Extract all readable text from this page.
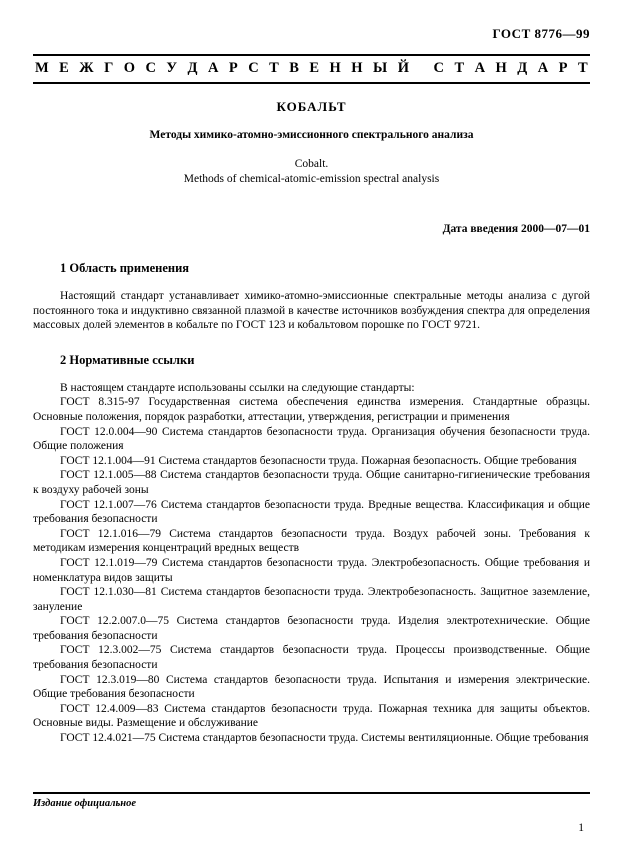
ГОСТ 8776—99
М Е Ж Г О С У Д А Р С Т В Е Н Н Ы Й
С Т А Н Д А Р Т
КОБАЛЬТ
Методы химико-атомно-эмиссионного спектрального анализа
Cobalt.
Methods of chemical-atomic-emission spectral analysis
Дата введения 2000—07—01
1 Область применения

Настоящий стандарт устанавливает химико-атомно-эмиссионные спектральные методы анализа с дугой постоянного тока и индуктивно связанной плазмой в качестве источников возбуждения спектра для определения массовых долей элементов в кобальте по ГОСТ 123 и кобальтовом порошке по ГОСТ 9721.

2 Нормативные ссылки

В настоящем стандарте использованы ссылки на следующие стандарты:

ГОСТ 8.315-97 Государственная система обеспечения единства измерения. Стандартные образцы. Основные положения, порядок разработки, аттестации, утверждения, регистрации и применения

ГОСТ 12.0.004—90 Система стандартов безопасности труда. Организация обучения безопасности труда. Общие положения

ГОСТ 12.1.004—91 Система стандартов безопасности труда. Пожарная безопасность. Общие требования

ГОСТ 12.1.005—88 Система стандартов безопасности труда. Общие санитарно-гигиенические требования к воздуху рабочей зоны

ГОСТ 12.1.007—76 Система стандартов безопасности труда. Вредные вещества. Классификация и общие требования безопасности

ГОСТ 12.1.016—79 Система стандартов безопасности труда. Воздух рабочей зоны. Требования к методикам измерения концентраций вредных веществ

ГОСТ 12.1.019—79 Система стандартов безопасности труда. Электробезопасность. Общие требования и номенклатура видов защиты

ГОСТ 12.1.030—81 Система стандартов безопасности труда. Электробезопасность. Защитное заземление, зануление

ГОСТ 12.2.007.0—75 Система стандартов безопасности труда. Изделия электротехнические. Общие требования безопасности

ГОСТ 12.3.002—75 Система стандартов безопасности труда. Процессы производственные. Общие требования безопасности

ГОСТ 12.3.019—80 Система стандартов безопасности труда. Испытания и измерения электрические. Общие требования безопасности

ГОСТ 12.4.009—83 Система стандартов безопасности труда. Пожарная техника для защиты объектов. Основные виды. Размещение и обслуживание

ГОСТ 12.4.021—75 Система стандартов безопасности труда. Системы вентиляционные. Общие требования

Издание официальное
1
